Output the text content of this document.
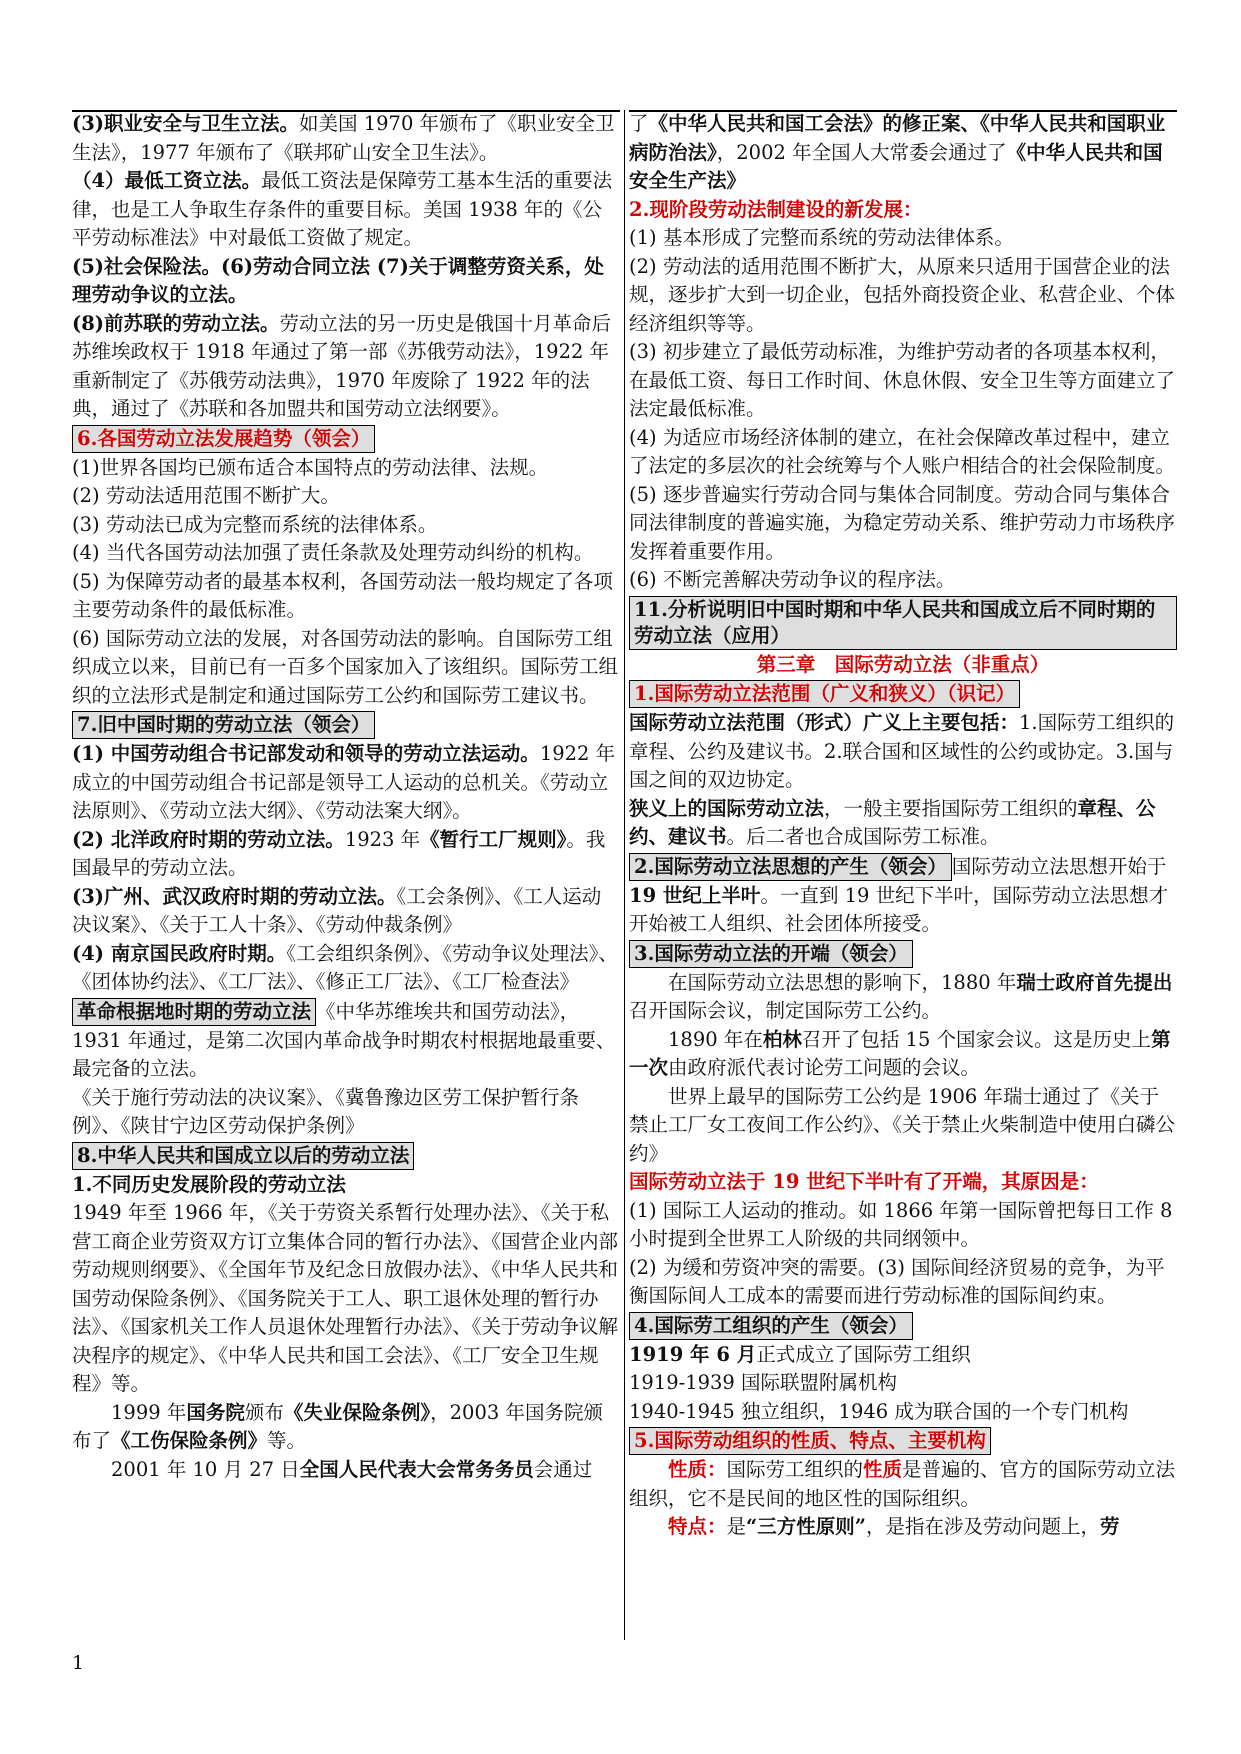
(3)职业安全与卫生立法。如美国 1970 年颁布了《职业安全卫生法》，1977 年颁布了《联邦矿山安全卫生法》。

（4）最低工资立法。最低工资法是保障劳工基本生活的重要法律，也是工人争取生存条件的重要目标。美国 1938 年的《公平劳动标准法》中对最低工资做了规定。

(5)社会保险法。(6)劳动合同立法 (7)关于调整劳资关系，处理劳动争议的立法。

(8)前苏联的劳动立法。劳动立法的另一历史是俄国十月革命后苏维埃政权于 1918 年通过了第一部《苏俄劳动法》，1922 年重新制定了《苏俄劳动法典》，1970 年废除了 1922 年的法典，通过了《苏联和各加盟共和国劳动立法纲要》。

6.各国劳动立法发展趋势（领会）

(1)世界各国均已颁布适合本国特点的劳动法律、法规。

(2) 劳动法适用范围不断扩大。

(3) 劳动法已成为完整而系统的法律体系。

(4) 当代各国劳动法加强了责任条款及处理劳动纠纷的机构。

(5) 为保障劳动者的最基本权利，各国劳动法一般均规定了各项主要劳动条件的最低标准。

(6) 国际劳动立法的发展，对各国劳动法的影响。自国际劳工组织成立以来，目前已有一百多个国家加入了该组织。国际劳工组织的立法形式是制定和通过国际劳工公约和国际劳工建议书。

7.旧中国时期的劳动立法（领会）

(1) 中国劳动组合书记部发动和领导的劳动立法运动。1922 年成立的中国劳动组合书记部是领导工人运动的总机关。《劳动立法原则》、《劳动立法大纲》、《劳动法案大纲》。

(2) 北洋政府时期的劳动立法。1923 年《暂行工厂规则》。我国最早的劳动立法。

(3)广州、武汉政府时期的劳动立法。《工会条例》、《工人运动决议案》、《关于工人十条》、《劳动仲裁条例》

(4) 南京国民政府时期。《工会组织条例》、《劳动争议处理法》、《团体协约法》、《工厂法》、《修正工厂法》、《工厂检查法》

革命根据地时期的劳动立法 《中华苏维埃共和国劳动法》，1931 年通过，是第二次国内革命战争时期农村根据地最重要、最完备的立法。

《关于施行劳动法的决议案》、《冀鲁豫边区劳工保护暂行条例》、《陕甘宁边区劳动保护条例》

8.中华人民共和国成立以后的劳动立法

1.不同历史发展阶段的劳动立法

1949 年至 1966 年，《关于劳资关系暂行处理办法》、《关于私营工商企业劳资双方订立集体合同的暂行办法》、《国营企业内部劳动规则纲要》、《全国年节及纪念日放假办法》、《中华人民共和国劳动保险条例》、《国务院关于工人、职工退休处理的暂行办法》、《国家机关工作人员退休处理暂行办法》、《关于劳动争议解决程序的规定》、《中华人民共和国工会法》、《工厂安全卫生规程》等。

1999 年国务院颁布《失业保险条例》，2003 年国务院颁布了《工伤保险条例》等。

2001 年 10 月 27 日全国人民代表大会常务务员会通过

了《中华人民共和国工会法》的修正案、《中华人民共和国职业病防治法》，2002 年全国人大常委会通过了《中华人民共和国安全生产法》

2.现阶段劳动法制建设的新发展：

(1) 基本形成了完整而系统的劳动法律体系。

(2) 劳动法的适用范围不断扩大，从原来只适用于国营企业的法规，逐步扩大到一切企业，包括外商投资企业、私营企业、个体经济组织等等。

(3) 初步建立了最低劳动标准，为维护劳动者的各项基本权利，在最低工资、每日工作时间、休息休假、安全卫生等方面建立了法定最低标准。

(4) 为适应市场经济体制的建立，在社会保障改革过程中，建立了法定的多层次的社会统筹与个人账户相结合的社会保险制度。

(5) 逐步普遍实行劳动合同与集体合同制度。劳动合同与集体合同法律制度的普遍实施，为稳定劳动关系、维护劳动力市场秩序发挥着重要作用。

(6) 不断完善解决劳动争议的程序法。

11.分析说明旧中国时期和中华人民共和国成立后不同时期的劳动立法（应用）

第三章　国际劳动立法（非重点）

1.国际劳动立法范围（广义和狭义）（识记）

国际劳动立法范围（形式）广义上主要包括：1.国际劳工组织的章程、公约及建议书。2.联合国和区域性的公约或协定。3.国与国之间的双边协定。

狭义上的国际劳动立法，一般主要指国际劳工组织的章程、公约、建议书。后二者也合成国际劳工标准。

2.国际劳动立法思想的产生（领会） 国际劳动立法思想开始于19 世纪上半叶。一直到 19 世纪下半叶，国际劳动立法思想才开始被工人组织、社会团体所接受。

3.国际劳动立法的开端（领会）

在国际劳动立法思想的影响下，1880 年瑞士政府首先提出召开国际会议，制定国际劳工公约。

1890 年在柏林召开了包括 15 个国家会议。这是历史上第一次由政府派代表讨论劳工问题的会议。

世界上最早的国际劳工公约是 1906 年瑞士通过了《关于禁止工厂女工夜间工作公约》、《关于禁止火柴制造中使用白磷公约》

国际劳动立法于 19 世纪下半叶有了开端，其原因是：

(1) 国际工人运动的推动。如 1866 年第一国际曾把每日工作 8 小时提到全世界工人阶级的共同纲领中。

(2) 为缓和劳资冲突的需要。(3) 国际间经济贸易的竞争，为平衡国际间人工成本的需要而进行劳动标准的国际间约束。

4.国际劳工组织的产生（领会）

1919 年 6 月正式成立了国际劳工组织

1919-1939 国际联盟附属机构

1940-1945 独立组织，1946 成为联合国的一个专门机构

5.国际劳动组织的性质、特点、主要机构

性质：国际劳工组织的性质是普遍的、官方的国际劳动立法组织，它不是民间的地区性的国际组织。

特点：是“三方性原则”，是指在涉及劳动问题上，劳

1
